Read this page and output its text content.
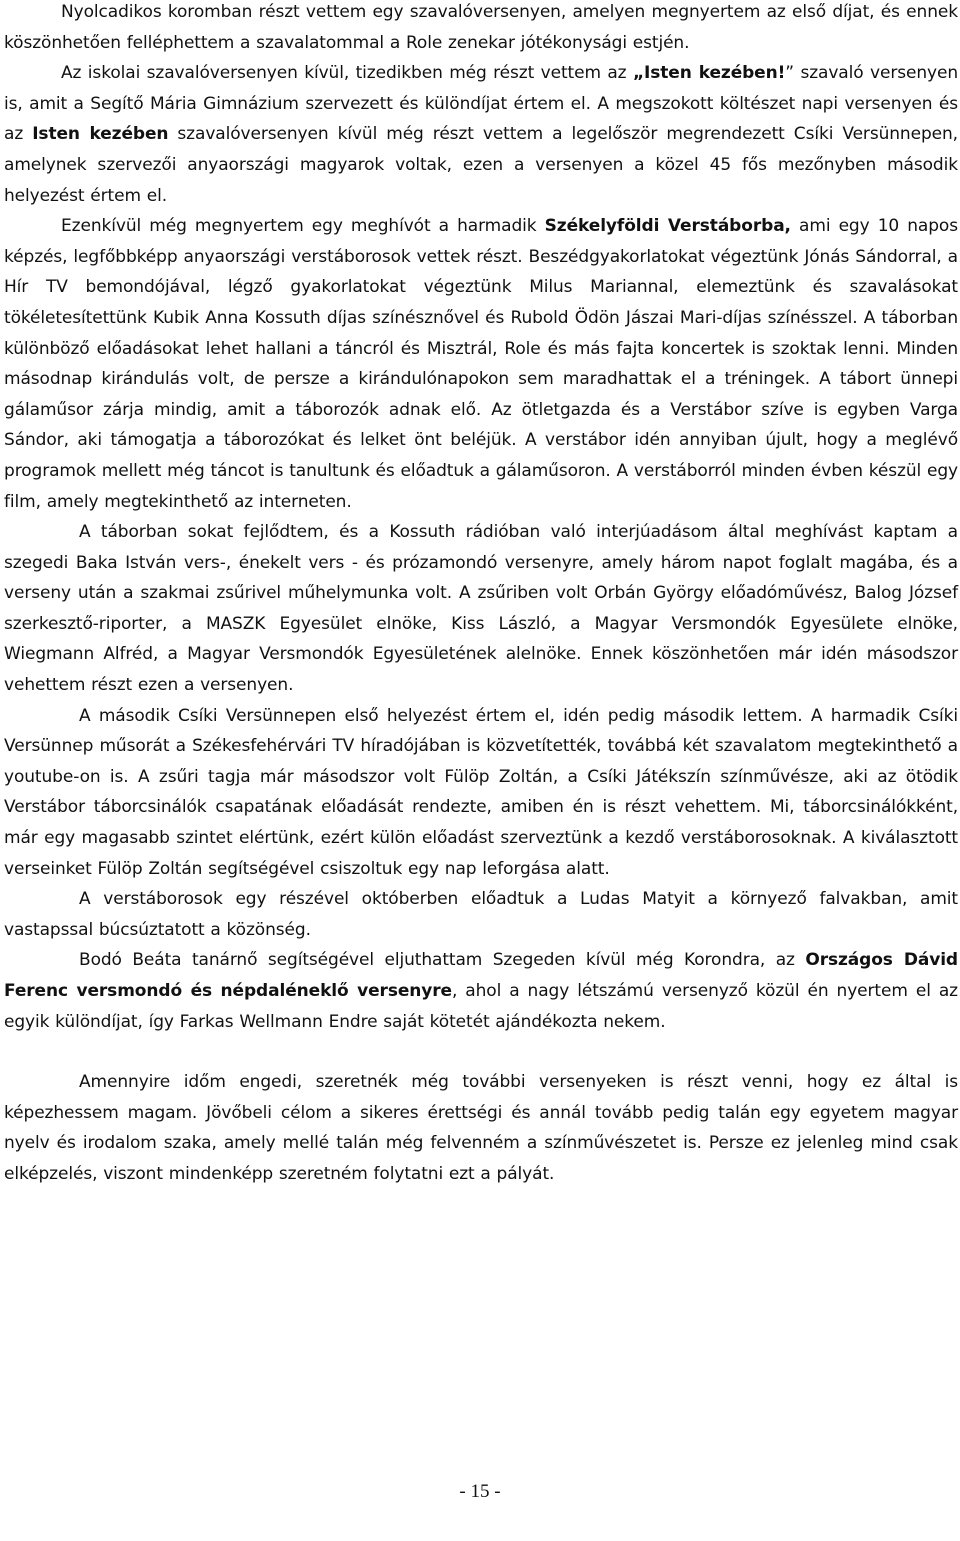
Nyolcadikos koromban részt vettem egy szavalóversenyen, amelyen megnyertem az első díjat, és ennek köszönhetően felléphettem a szavalatommal a Role zenekar jótékonysági estjén.

Az iskolai szavalóversenyen kívül, tizedikben még részt vettem az „Isten kezében!” szavaló versenyen is, amit a Segítő Mária Gimnázium szervezett és különdíjat értem el. A megszokott költészet napi versenyen és az Isten kezében szavalóversenyen kívül még részt vettem a legelőször megrendezett Csíki Versünnepen, amelynek szervezői anyaországi magyarok voltak, ezen a versenyen a közel 45 fős mezőnyben második helyezést értem el.

Ezenkívül még megnyertem egy meghívót a harmadik Székelyföldi Verstáborba, ami egy 10 napos képzés, legfőbbképp anyaországi verstáborosok vettek részt. Beszédgyakorlatokat végeztünk Jónás Sándorral, a Hír TV bemondójával, légző gyakorlatokat végeztünk Milus Mariannal, elemeztünk és szavalásokat tökéletesítettünk Kubik Anna Kossuth díjas színésznővel és Rubold Ödön Jászai Mari-díjas színésszel. A táborban különböző előadásokat lehet hallani a táncról és Misztrál, Role és más fajta koncertek is szoktak lenni. Minden másodnap kirándulás volt, de persze a kirándulónapokon sem maradhattak el a tréningek. A tábort ünnepi gálaműsor zárja mindig, amit a táborozók adnak elő. Az ötletgazda és a Verstábor szíve is egyben Varga Sándor, aki támogatja a táborozókat és lelket önt beléjük. A verstábor idén annyiban újult, hogy a meglévő programok mellett még táncot is tanultunk és előadtuk a gálaműsoron. A verstáborról minden évben készül egy film, amely megtekinthető az interneten.

A táborban sokat fejlődtem, és a Kossuth rádióban való interjúadásom által meghívást kaptam a szegedi Baka István vers-, énekelt vers - és prózamondó versenyre, amely három napot foglalt magába, és a verseny után a szakmai zsűrivel műhelymunka volt. A zsűriben volt Orbán György előadóművész, Balog József szerkesztő-riporter, a MASZK Egyesület elnöke, Kiss László, a Magyar Versmondók Egyesülete elnöke, Wiegmann Alfréd, a Magyar Versmondók Egyesületének alelnöke. Ennek köszönhetően már idén másodszor vehettem részt ezen a versenyen.

A második Csíki Versünnepen első helyezést értem el, idén pedig második lettem. A harmadik Csíki Versünnep műsorát a Székesfehérvári TV híradójában is közvetítették, továbbá két szavalatom megtekinthető a youtube-on is. A zsűri tagja már másodszor volt Fülöp Zoltán, a Csíki Játékszín színművésze, aki az ötödik Verstábor táborcsinálók csapatának előadását rendezte, amiben én is részt vehettem. Mi, táborcsinálókként, már egy magasabb szintet elértünk, ezért külön előadást szerveztünk a kezdő verstáborosoknak. A kiválasztott verseinket Fülöp Zoltán segítségével csiszoltuk egy nap leforgása alatt.

A verstáborosok egy részével októberben előadtuk a Ludas Matyit a környező falvakban, amit vastapssal búcsúztatott a közönség.

Bodó Beáta tanárnő segítségével eljuthattam Szegeden kívül még Korondra, az Országos Dávid Ferenc versmondó és népdaléneklő versenyre, ahol a nagy létszámú versenyző közül én nyertem el az egyik különdíjat, így Farkas Wellmann Endre saját kötetét ajándékozta nekem.

Amennyire időm engedi, szeretnék még további versenyeken is részt venni, hogy ez által is képezhessem magam. Jövőbeli célom a sikeres érettségi és annál tovább pedig talán egy egyetem magyar nyelv és irodalom szaka, amely mellé talán még felvenném a színművészetet is. Persze ez jelenleg mind csak elképzelés, viszont mindenképp szeretném folytatni ezt a pályát.

- 15 -
